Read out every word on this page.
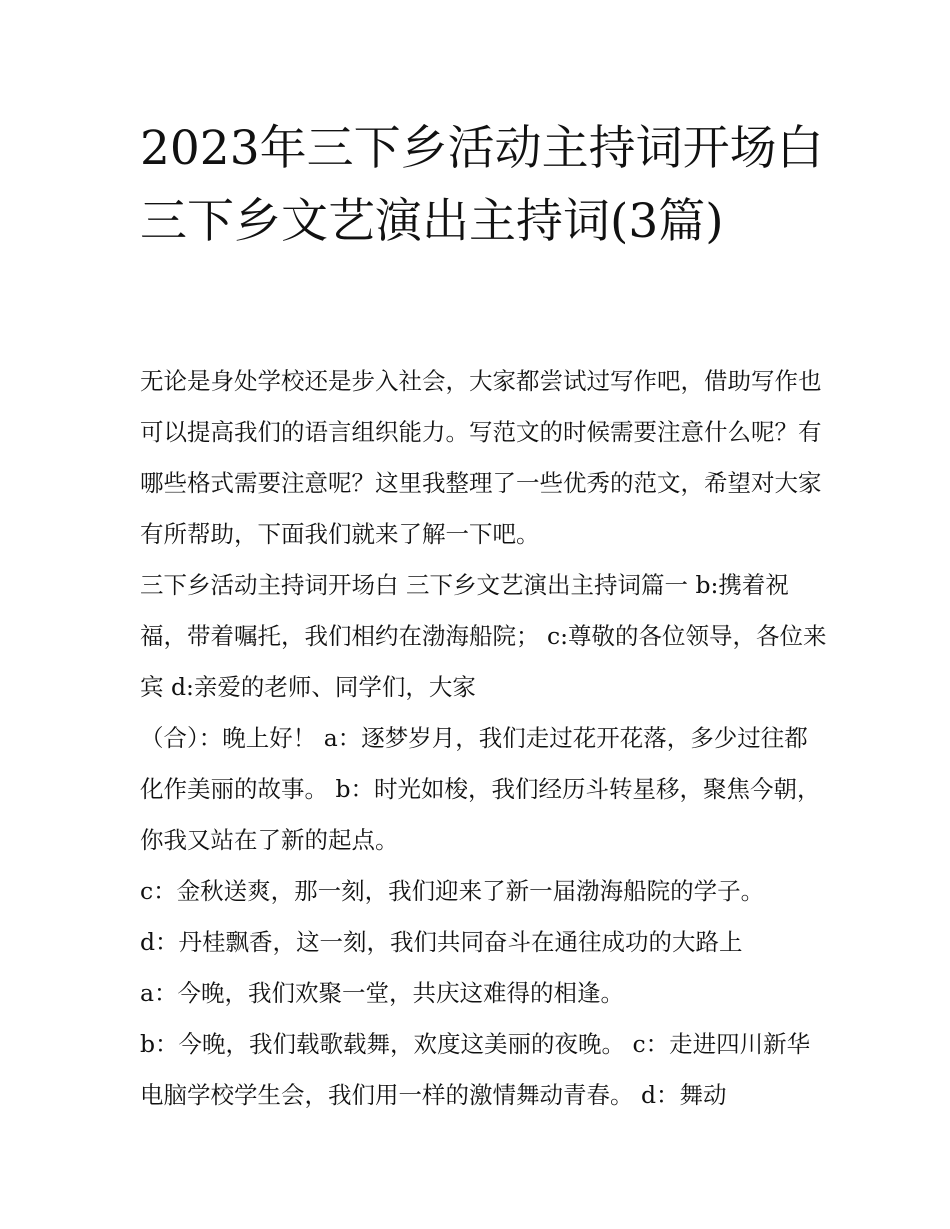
2023年三下乡活动主持词开场白 三下乡文艺演出主持词(3篇)

无论是身处学校还是步入社会，大家都尝试过写作吧，借助写作也可以提高我们的语言组织能力。写范文的时候需要注意什么呢？有哪些格式需要注意呢？这里我整理了一些优秀的范文，希望对大家有所帮助，下面我们就来了解一下吧。

三下乡活动主持词开场白 三下乡文艺演出主持词篇一 b:携着祝福，带着嘱托，我们相约在渤海船院； c:尊敬的各位领导，各位来宾 d:亲爱的老师、同学们，大家

（合）：晚上好！ a：逐梦岁月，我们走过花开花落，多少过往都化作美丽的故事。 b：时光如梭，我们经历斗转星移，聚焦今朝，你我又站在了新的起点。

c：金秋送爽，那一刻，我们迎来了新一届渤海船院的学子。

d：丹桂飘香，这一刻，我们共同奋斗在通往成功的大路上

a：今晚，我们欢聚一堂，共庆这难得的相逢。

b：今晚，我们载歌载舞，欢度这美丽的夜晚。 c：走进四川新华电脑学校学生会，我们用一样的激情舞动青春。 d：舞动
